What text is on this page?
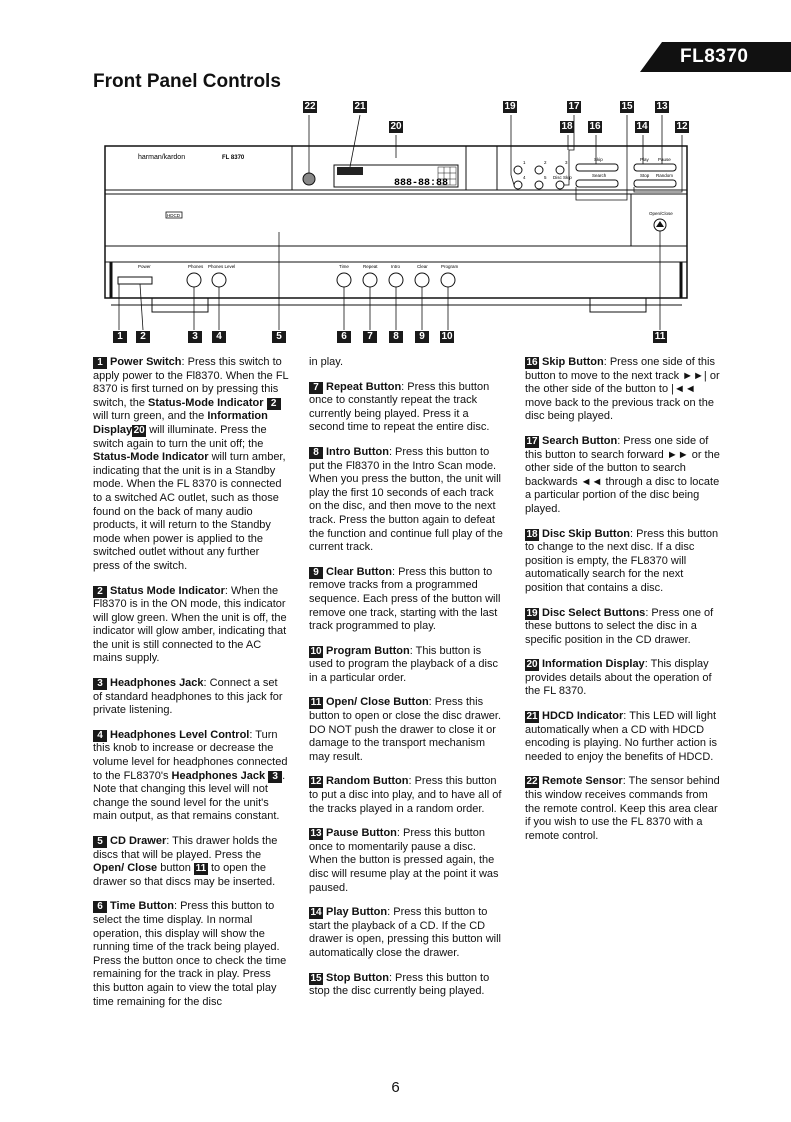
FL8370
Front Panel Controls
harman/kardon	FL 8370
888-88:88
HDCD
1	2	3
4	5 Disc Skip
Skip
Search
Play Pause
Stop Random
Open/Close
Power	Phones Phones Level	Time	Repeat	Intro	Clear	Program
22	21
20
19	17
18 16
15 13
14	12
1	2	3	4	5	6	7	8	9	10	11

1 Power Switch: Press this switch to apply power to the Fl8370. When the FL 8370 is first turned on by pressing this switch, the Status-Mode Indicator 2 will turn green, and the Information Display20 will illuminate. Press the switch again to turn the unit off; the Status-Mode Indicator will turn amber, indicating that the unit is in a Standby mode. When the FL 8370 is connected to a switched AC outlet, such as those found on the back of many audio products, it will return to the Standby mode when power is applied to the switched outlet without any further press of the switch.

2 Status Mode Indicator: When the Fl8370 is in the ON mode, this indicator will glow green. When the unit is off, the indicator will glow amber, indicating that the unit is still connected to the AC mains supply.

3 Headphones Jack: Connect a set of standard headphones to this jack for private listening.

4 Headphones Level Control: Turn this knob to increase or decrease the volume level for headphones connected to the FL8370's Headphones Jack 3 . Note that changing this level will not change the sound level for the unit's main output, as that remains constant.

5 CD Drawer: This drawer holds the discs that will be played. Press the Open/ Close button 11 to open the drawer so that discs may be inserted.

6 Time Button: Press this button to select the time display. In normal operation, this display will show the running time of the track being played. Press the button once to check the time remaining for the track in play. Press this button again to view the total play time remaining for the disc

in play.

7 Repeat Button: Press this button once to constantly repeat the track currently being played. Press it a second time to repeat the entire disc.

8 Intro Button: Press this button to put the Fl8370 in the Intro Scan mode. When you press the button, the unit will play the first 10 seconds of each track on the disc, and then move to the next track. Press the button again to defeat the function and continue full play of the current track.

9 Clear Button: Press this button to remove tracks from a programmed sequence. Each press of the button will remove one track, starting with the last track programmed to play.

10 Program Button: This button is used to program the playback of a disc in a particular order.

11 Open/ Close Button: Press this button to open or close the disc drawer. DO NOT push the drawer to close it or damage to the transport mechanism may result.

12 Random Button: Press this button to put a disc into play, and to have all of the tracks played in a random order.

13 Pause Button: Press this button once to momentarily pause a disc. When the button is pressed again, the disc will resume play at the point it was paused.

14 Play Button: Press this button to start the playback of a CD. If the CD drawer is open, pressing this button will automatically close the drawer.

15 Stop Button: Press this button to stop the disc currently being played.

16 Skip Button: Press one side of this button to move to the next track ►►| or the other side of the button to |◄◄ move back to the previous track on the disc being played.

17 Search Button: Press one side of this button to search forward ►► or the other side of the button to search backwards ◄◄ through a disc to locate a particular portion of the disc being played.

18 Disc Skip Button: Press this button to change to the next disc. If a disc position is empty, the FL8370 will automatically search for the next position that contains a disc.

19 Disc Select Buttons: Press one of these buttons to select the disc in a specific position in the CD drawer.

20 Information Display: This display provides details about the operation of the FL 8370.

21 HDCD Indicator: This LED will light automatically when a CD with HDCD encoding is playing. No further action is needed to enjoy the benefits of HDCD.

22 Remote Sensor: The sensor behind this window receives commands from the remote control. Keep this area clear if you wish to use the FL 8370 with a remote control.

6
